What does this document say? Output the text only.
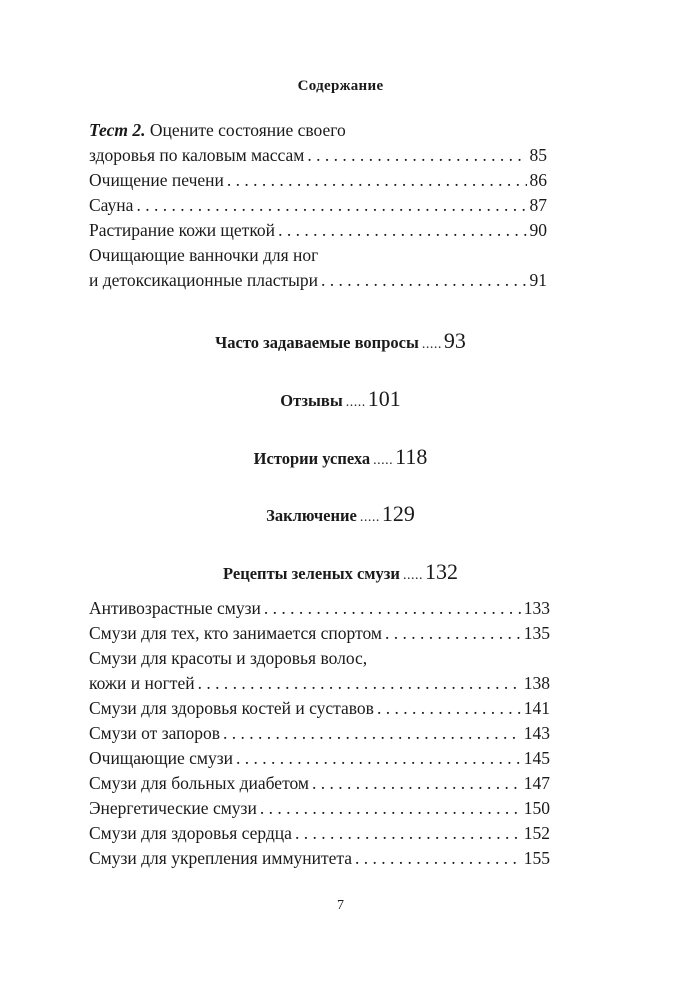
Содержание
Тест 2. Оцените состояние своего
здоровья по каловым массам . . .	85
Очищение печени . . .	86
Сауна . . .	87
Растирание кожи щеткой . . .	90
Очищающие ванночки для ног
и детоксикационные пластыри . . .	91
Часто задаваемые вопросы .....93
Отзывы .....101
Истории успеха .....118
Заключение .....129
Рецепты зеленых смузи .....132
Антивозрастные смузи . . .	133
Смузи для тех, кто занимается спортом . . .	135
Смузи для красоты и здоровья волос,
кожи и ногтей . . .	138
Смузи для здоровья костей и суставов . . .	141
Смузи от запоров . . .	143
Очищающие смузи . . .	145
Смузи для больных диабетом . . .	147
Энергетические смузи . . .	150
Смузи для здоровья сердца . . .	152
Смузи для укрепления иммунитета . . .	155
7
